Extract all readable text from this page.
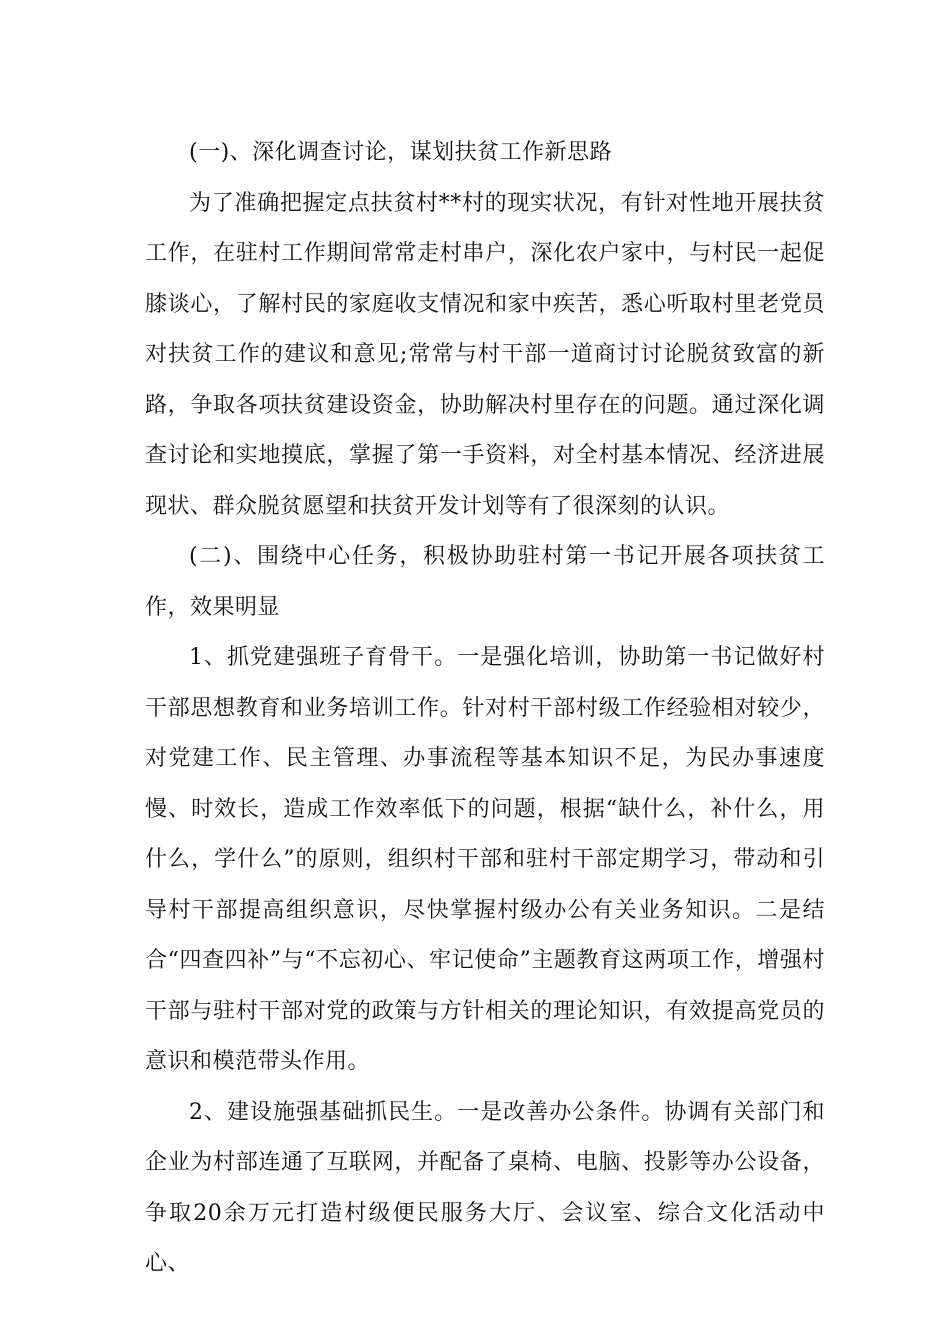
(一)、深化调查讨论，谋划扶贫工作新思路

为了准确把握定点扶贫村**村的现实状况，有针对性地开展扶贫工作，在驻村工作期间常常走村串户，深化农户家中，与村民一起促膝谈心，了解村民的家庭收支情况和家中疾苦，悉心听取村里老党员对扶贫工作的建议和意见;常常与村干部一道商讨讨论脱贫致富的新路，争取各项扶贫建设资金，协助解决村里存在的问题。通过深化调查讨论和实地摸底，掌握了第一手资料，对全村基本情况、经济进展现状、群众脱贫愿望和扶贫开发计划等有了很深刻的认识。

(二)、围绕中心任务，积极协助驻村第一书记开展各项扶贫工作，效果明显

1、抓党建强班子育骨干。一是强化培训，协助第一书记做好村干部思想教育和业务培训工作。针对村干部村级工作经验相对较少，对党建工作、民主管理、办事流程等基本知识不足，为民办事速度慢、时效长，造成工作效率低下的问题，根据“缺什么，补什么，用什么，学什么”的原则，组织村干部和驻村干部定期学习，带动和引导村干部提高组织意识，尽快掌握村级办公有关业务知识。二是结合“四查四补”与“不忘初心、牢记使命”主题教育这两项工作，增强村干部与驻村干部对党的政策与方针相关的理论知识，有效提高党员的意识和模范带头作用。

2、建设施强基础抓民生。一是改善办公条件。协调有关部门和企业为村部连通了互联网，并配备了桌椅、电脑、投影等办公设备，争取20余万元打造村级便民服务大厅、会议室、综合文化活动中心、
